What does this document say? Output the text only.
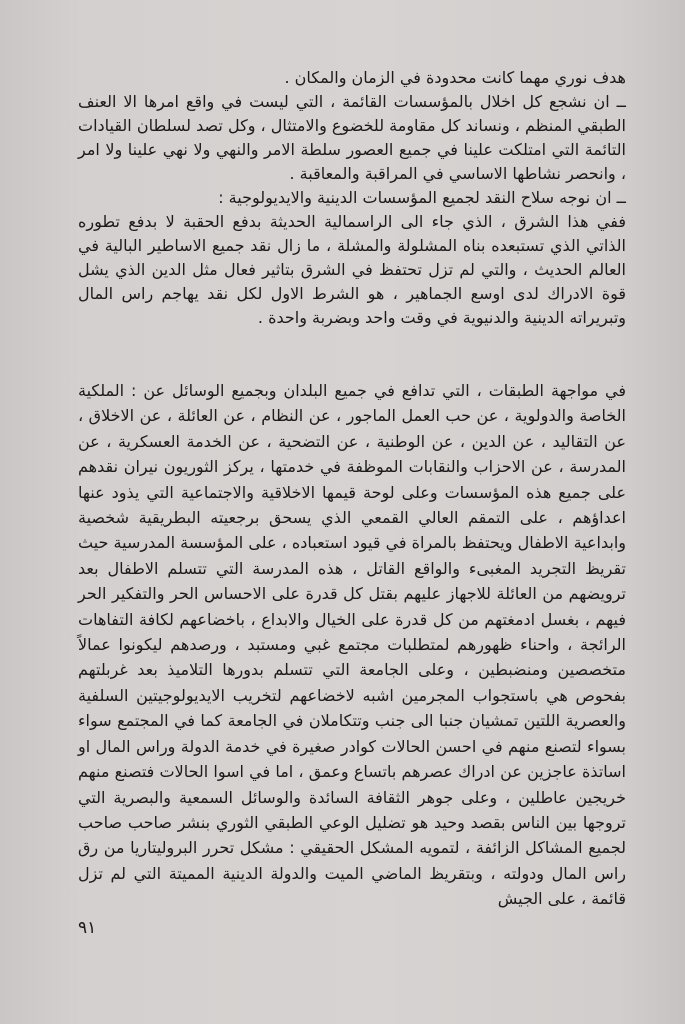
هدف نوري مهما كانت محدودة في الزمان والمكان .

ــ ان نشجع كل اخلال بالمؤسسات القائمة ، التي ليست في واقع امرها الا العنف الطبقي المنظم ، ونساند كل مقاومة للخضوع والامتثال ، وكل تصد لسلطان القيادات التائمة التي امتلكت علينا في جميع العصور سلطة الامر والنهي ولا نهي علينا ولا امر ، وانحصر نشاطها الاساسي في المراقبة والمعاقبة .

ــ ان نوجه سلاح النقد لجميع المؤسسات الدينية والايديولوجية :

ففي هذا الشرق ، الذي جاء الى الراسمالية الحديثة بدفع الحقبة لا بدفع تطوره الذاتي الذي تستبعده بناه المشلولة والمشلة ، ما زال نقد جميع الاساطير البالية في العالم الحديث ، والتي لم تزل تحتفظ في الشرق بتاثير فعال مثل الدين الذي يشل قوة الادراك لدى اوسع الجماهير ، هو الشرط الاول لكل نقد يهاجم راس المال وتبريراته الدينية والدنيوية في وقت واحد وبضربة واحدة .

في مواجهة الطبقات ، التي تدافع في جميع البلدان وبجميع الوسائل عن : الملكية الخاصة والدولوية ، عن حب العمل الماجور ، عن النظام ، عن العائلة ، عن الاخلاق ، عن التقاليد ، عن الدين ، عن الوطنية ، عن التضحية ، عن الخدمة العسكرية ، عن المدرسة ، عن الاحزاب والنقابات الموظفة في خدمتها ، يركز الثوريون نيران نقدهم على جميع هذه المؤسسات وعلى لوحة قيمها الاخلاقية والاجتماعية التي يذود عنها اعداؤهم ، على التمقم العالي القمعي الذي يسحق برجعيته البطريقية شخصية وابداعية الاطفال ويحتفظ بالمراة في قيود استعباده ، على المؤسسة المدرسية حيث تقريظ التجريد المغبىء والواقع القاتل ، هذه المدرسة التي تتسلم الاطفال بعد ترويضهم من العائلة للاجهاز عليهم بقتل كل قدرة على الاحساس الحر والتفكير الحر فيهم ، بغسل ادمغتهم من كل قدرة على الخيال والابداع ، باخضاعهم لكافة التفاهات الرائجة ، واحناء ظهورهم لمتطلبات مجتمع غبي ومستبد ، ورصدهم ليكونوا عمالاً متخصصين ومنضبطين ، وعلى الجامعة التي تتسلم بدورها التلاميذ بعد غربلتهم بفحوص هي باستجواب المجرمين اشبه لاخضاعهم لتخريب الايديولوجيتين السلفية والعصرية اللتين تمشيان جنبا الى جنب وتتكاملان في الجامعة كما في المجتمع سواء بسواء لتصنع منهم في احسن الحالات كوادر صغيرة في خدمة الدولة وراس المال او اساتذة عاجزين عن ادراك عصرهم باتساع وعمق ، اما في اسوا الحالات فتصنع منهم خريجين عاطلين ، وعلى جوهر الثقافة السائدة والوسائل السمعية والبصرية التي تروجها بين الناس بقصد وحيد هو تضليل الوعي الطبقي الثوري بنشر صاحب صاحب لجميع المشاكل الزائفة ، لتمويه المشكل الحقيقي : مشكل تحرر البروليتاريا من رق راس المال ودولته ، وبتقريظ الماضي الميت والدولة الدينية المميتة التي لم تزل قائمة ، على الجيش

٩١
